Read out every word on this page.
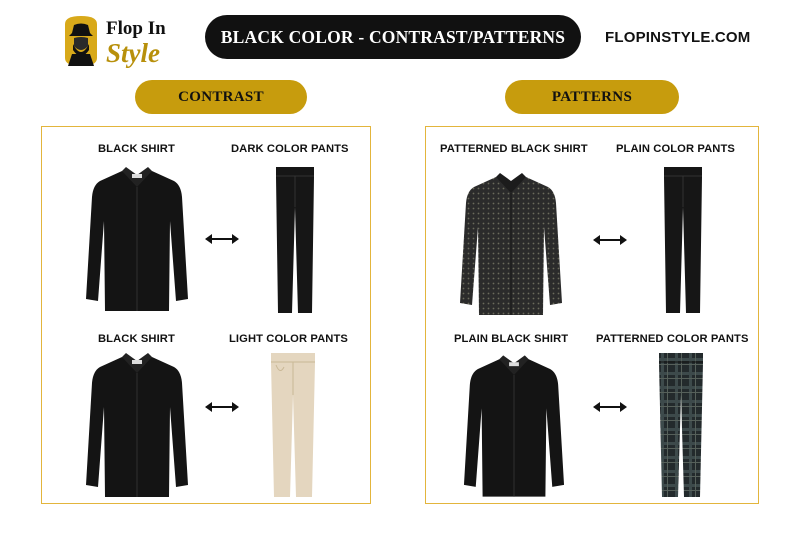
Flop In
Style
BLACK COLOR - CONTRAST/PATTERNS	FLOPINSTYLE.COM
CONTRAST	PATTERNS
BLACK SHIRT	DARK COLOR PANTS
BLACK SHIRT	LIGHT COLOR PANTS
PATTERNED BLACK SHIRT	PLAIN COLOR PANTS
PLAIN BLACK SHIRT PATTERNED COLOR PANTS
